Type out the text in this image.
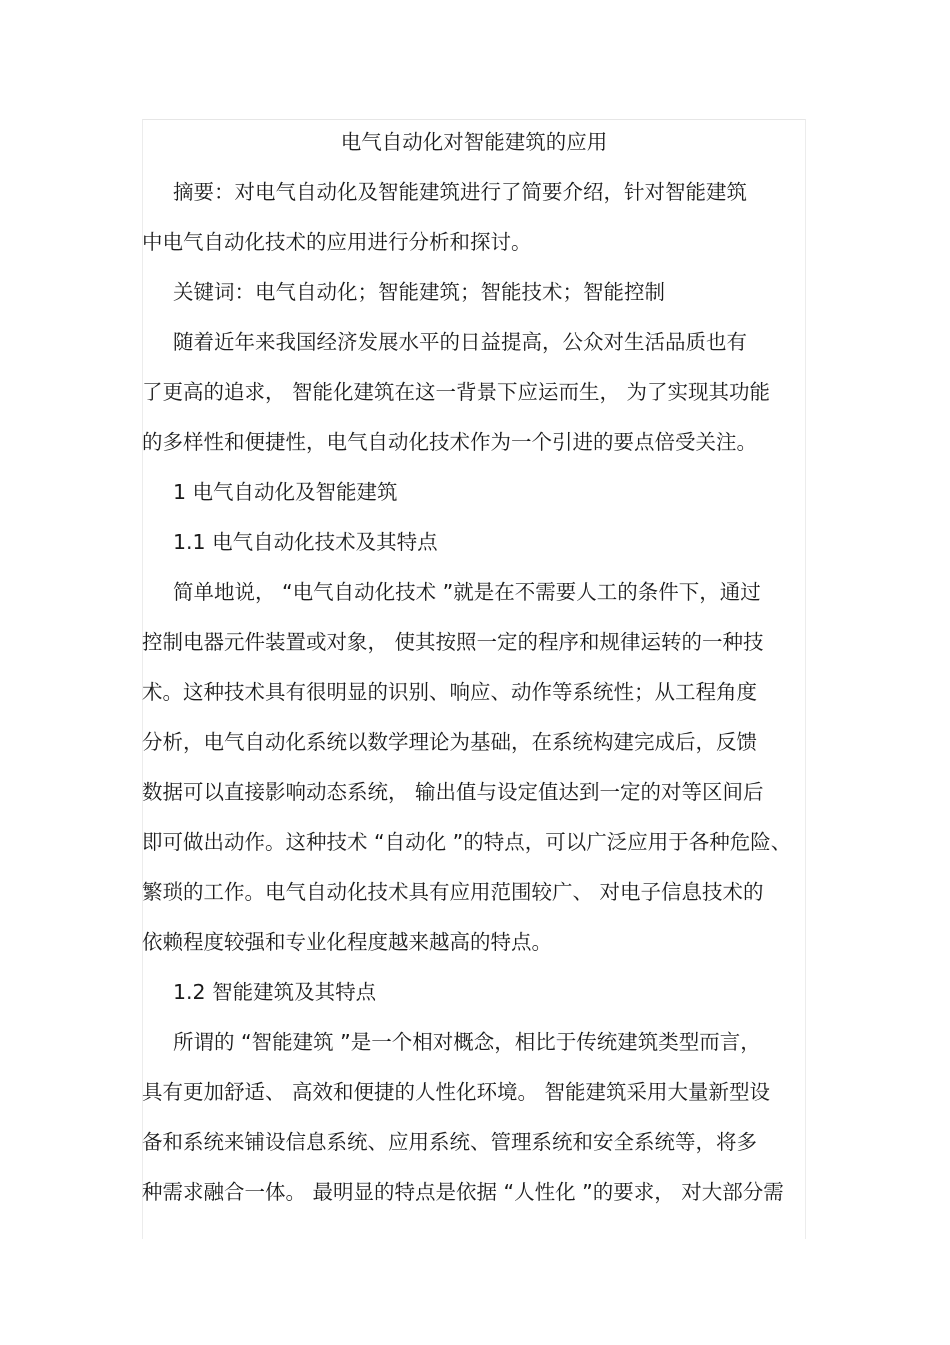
电气自动化对智能建筑的应用
摘要：对电气自动化及智能建筑进行了简要介绍，针对智能建筑
中电气自动化技术的应用进行分析和探讨。
关键词：电气自动化；智能建筑；智能技术；智能控制
随着近年来我国经济发展水平的日益提高，公众对生活品质也有
了更高的追求， 智能化建筑在这一背景下应运而生， 为了实现其功能
的多样性和便捷性，电气自动化技术作为一个引进的要点倍受关注。
1 电气自动化及智能建筑
1.1 电气自动化技术及其特点
简单地说， “电气自动化技术 ”就是在不需要人工的条件下，通过
控制电器元件装置或对象， 使其按照一定的程序和规律运转的一种技
术。这种技术具有很明显的识别、响应、动作等系统性；从工程角度
分析，电气自动化系统以数学理论为基础，在系统构建完成后，反馈
数据可以直接影响动态系统， 输出值与设定值达到一定的对等区间后
即可做出动作。这种技术 “自动化 ”的特点，可以广泛应用于各种危险、
繁琐的工作。电气自动化技术具有应用范围较广、 对电子信息技术的
依赖程度较强和专业化程度越来越高的特点。
1.2 智能建筑及其特点
所谓的 “智能建筑 ”是一个相对概念，相比于传统建筑类型而言，
具有更加舒适、 高效和便捷的人性化环境。 智能建筑采用大量新型设
备和系统来铺设信息系统、应用系统、管理系统和安全系统等，将多
种需求融合一体。 最明显的特点是依据 “人性化 ”的要求， 对大部分需
